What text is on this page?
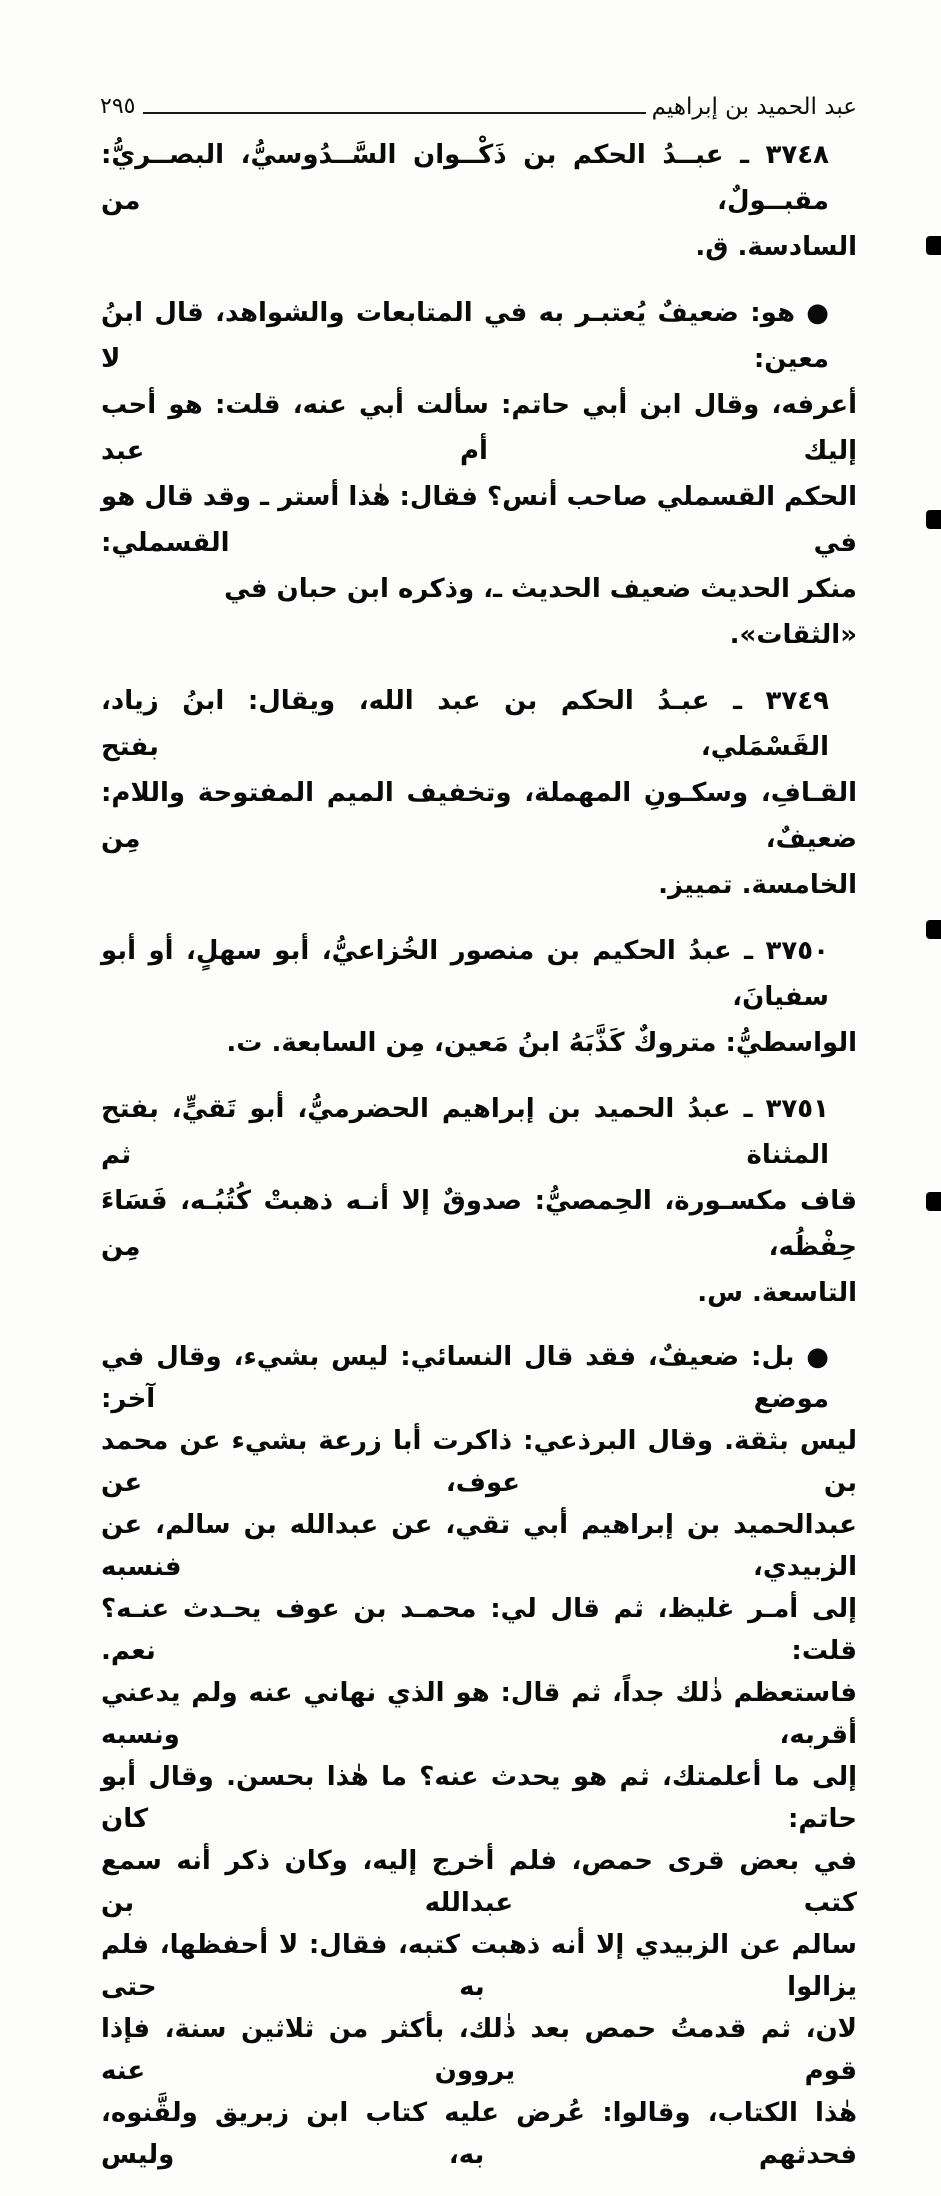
عبد الحميد بن إبراهيم
٢٩٥
٣٧٤٨ ـ عبــدُ الحكم بن ذَكْــوان السَّــدُوسيُّ، البصــريُّ: مقبــولٌ، من
السادسة. ق.
● هو: ضعيفٌ يُعتبـر به في المتابعات والشواهد، قال ابنُ معين: لا
أعرفه، وقال ابن أبي حاتم: سألت أبي عنه، قلت: هو أحب إليك أم عبد
الحكم القسملي صاحب أنس؟ فقال: هٰذا أستر ـ وقد قال هو في القسملي:
منكر الحديث ضعيف الحديث ـ، وذكره ابن حبان في «الثقات».
٣٧٤٩ ـ عبـدُ الحكم بن عبد الله، ويقال: ابنُ زياد، القَسْمَلي، بفتح
القـافِ، وسكـونِ المهملة، وتخفيف الميم المفتوحة واللام: ضعيفٌ، مِن
الخامسة. تمييز.
٣٧٥٠ ـ عبدُ الحكيم بن منصور الخُزاعيُّ، أبو سهلٍ، أو أبو سفيانَ،
الواسطيُّ: متروكٌ كَذَّبَهُ ابنُ مَعين، مِن السابعة. ت.
٣٧٥١ ـ عبدُ الحميد بن إبراهيم الحضرميُّ، أبو تَقيٍّ، بفتح المثناة ثم
قاف مكسـورة، الحِمصيُّ: صدوقٌ إلا أنـه ذهبتْ كُتُبُـه، فَسَاءَ حِفْظُه، مِن
التاسعة. س.
● بل: ضعيفٌ، فقد قال النسائي: ليس بشيء، وقال في موضع آخر:
ليس بثقة. وقال البرذعي: ذاكرت أبا زرعة بشيء عن محمد بن عوف، عن
عبدالحميد بن إبراهيم أبي تقي، عن عبدالله بن سالم، عن الزبيدي، فنسبه
إلى أمـر غليظ، ثم قال لي: محمـد بن عوف يحـدث عنـه؟ قلت: نعم.
فاستعظم ذٰلك جداً، ثم قال: هو الذي نهاني عنه ولم يدعني أقربه، ونسبه
إلى ما أعلمتك، ثم هو يحدث عنه؟ ما هٰذا بحسن. وقال أبو حاتم: كان
في بعض قرى حمص، فلم أخرج إليه، وكان ذكر أنه سمع كتب عبدالله بن
سالم عن الزبيدي إلا أنه ذهبت كتبه، فقال: لا أحفظها، فلم يزالوا به حتى
لان، ثم قدمتُ حمص بعد ذٰلك، بأكثر من ثلاثين سنة، فإذا قوم يروون عنه
هٰذا الكتاب، وقالوا: عُرض عليه كتاب ابن زبريق ولقَّنوه، فحدثهم به، وليس
